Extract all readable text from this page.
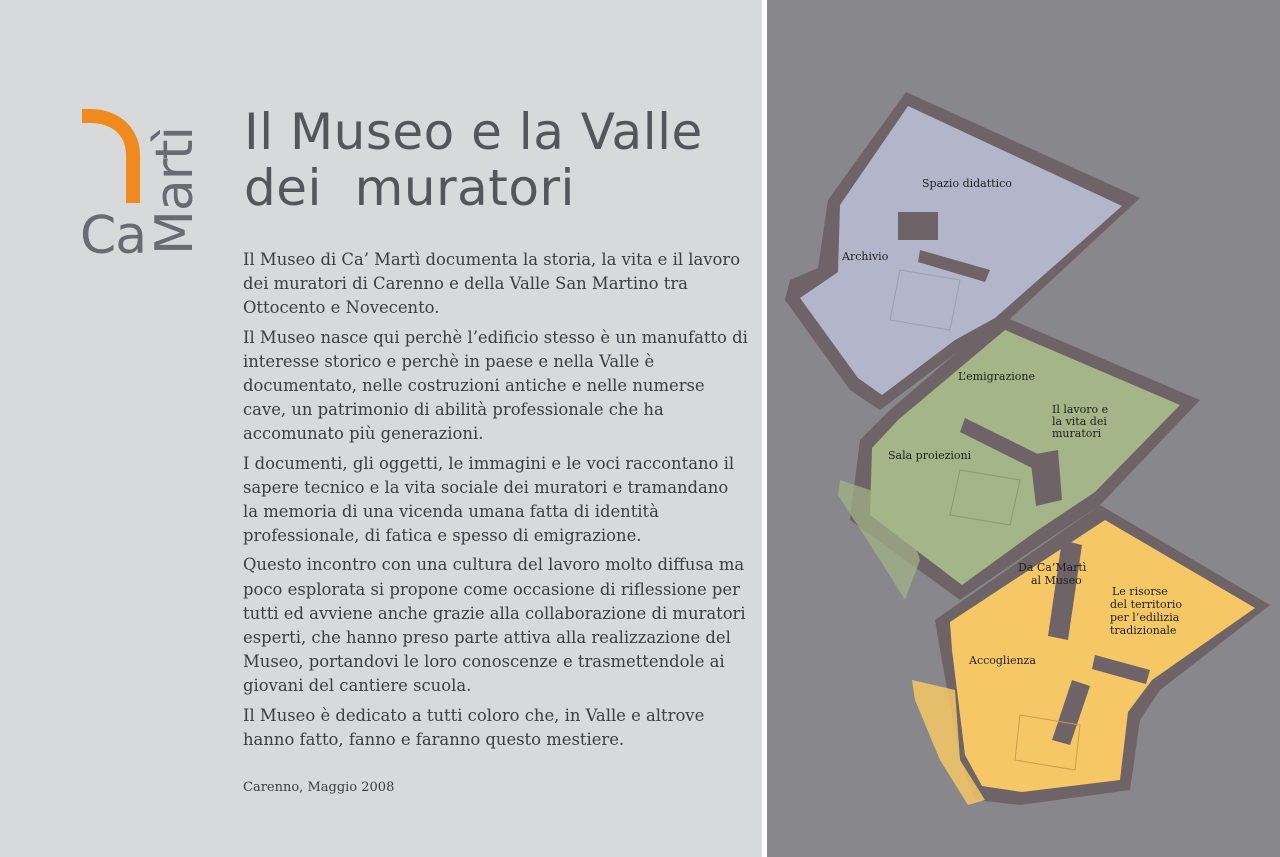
Ca
Martì Il Museo e la Valle
dei  muratori

Il Museo di Ca’ Martì documenta la storia, la vita e il lavoro dei muratori di Carenno e della Valle San Martino tra Ottocento e Novecento.

Il Museo nasce qui perchè l’edificio stesso è un manufatto di interesse storico e perchè in paese e nella Valle è documentato, nelle costruzioni antiche e nelle numerse cave, un patrimonio di abilità professionale che ha accomunato più generazioni.

I documenti, gli oggetti, le immagini e le voci raccontano il sapere tecnico e la vita sociale dei muratori e tramandano la memoria di una vicenda umana fatta di identità professionale, di fatica e spesso di emigrazione.

Questo incontro con una cultura del lavoro molto diffusa ma poco esplorata si propone come occasione di riflessione per tutti ed avviene anche grazie alla collaborazione di muratori esperti, che hanno preso parte attiva alla realizzazione del Museo, portandovi le loro conoscenze e trasmettendole ai giovani del cantiere scuola.

Il Museo è dedicato a tutti coloro che, in Valle e altrove hanno fatto, fanno e faranno questo mestiere.

Carenno, Maggio 2008
Spazio didattico
Archivio
L’emigrazione
Il lavoro e la vita dei muratori
Sala proiezioni
Da Ca’Martì al Museo
Le risorse del territorio per l’edilizia tradizionale
Accoglienza
